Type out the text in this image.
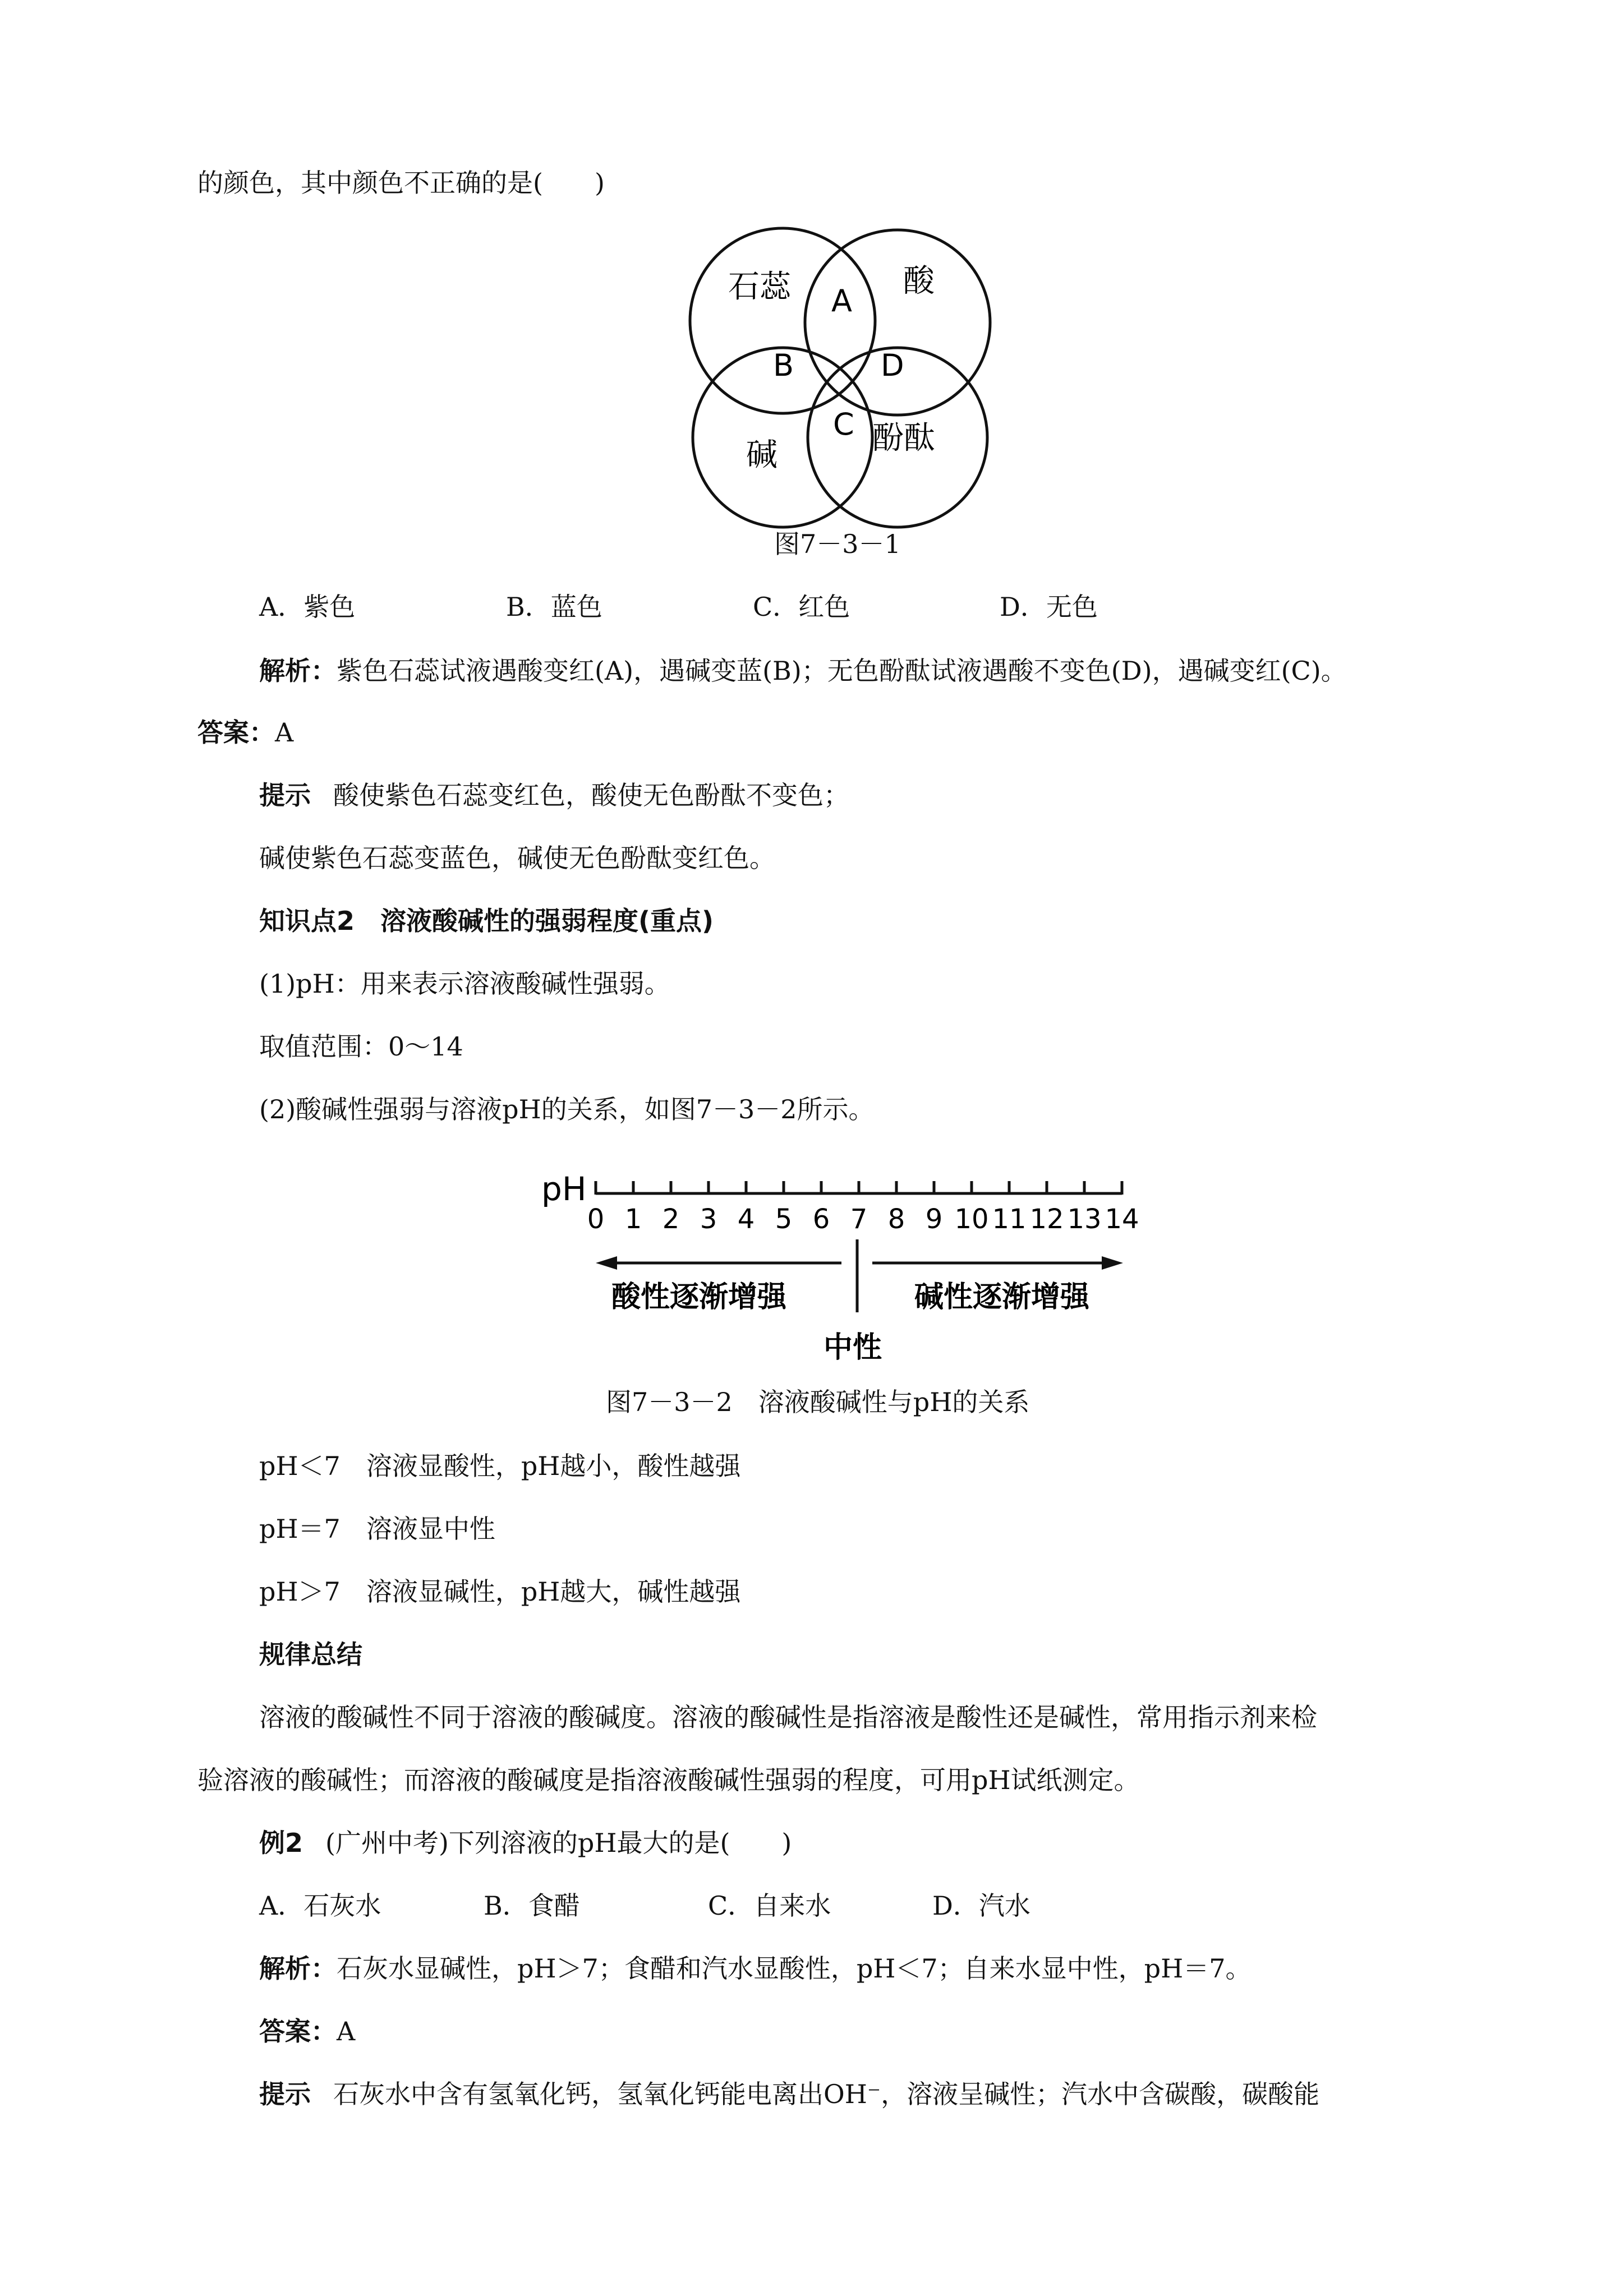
的颜色，其中颜色不正确的是(　　)
石蕊	酸
碱	酚酞
A
B
C
D
图7－3－1
A．紫色	B．蓝色	C．红色	D．无色
解析：紫色石蕊试液遇酸变红(A)，遇碱变蓝(B)；无色酚酞试液遇酸不变色(D)，遇碱变红(C)。
答案：A
提示 酸使紫色石蕊变红色，酸使无色酚酞不变色；
碱使紫色石蕊变蓝色，碱使无色酚酞变红色。
知识点2　溶液酸碱性的强弱程度(重点)
(1)pH：用来表示溶液酸碱性强弱。
取值范围：0～14
(2)酸碱性强弱与溶液pH的关系，如图7－3－2所示。
pH
0 1 2 3 4 5 6 7 8 9 10 11 12 13 14
酸性逐渐增强	碱性逐渐增强
中性
图7－3－2　溶液酸碱性与pH的关系
pH＜7　溶液显酸性，pH越小，酸性越强
pH＝7　溶液显中性
pH＞7　溶液显碱性，pH越大，碱性越强
规律总结
溶液的酸碱性不同于溶液的酸碱度。溶液的酸碱性是指溶液是酸性还是碱性，常用指示剂来检
验溶液的酸碱性；而溶液的酸碱度是指溶液酸碱性强弱的程度，可用pH试纸测定。
例2 (广州中考)下列溶液的pH最大的是(　　)
A．石灰水	B．食醋	C．自来水	D．汽水
解析：石灰水显碱性，pH＞7；食醋和汽水显酸性，pH＜7；自来水显中性，pH＝7。
答案：A
提示 石灰水中含有氢氧化钙，氢氧化钙能电离出OH⁻，溶液呈碱性；汽水中含碳酸，碳酸能
